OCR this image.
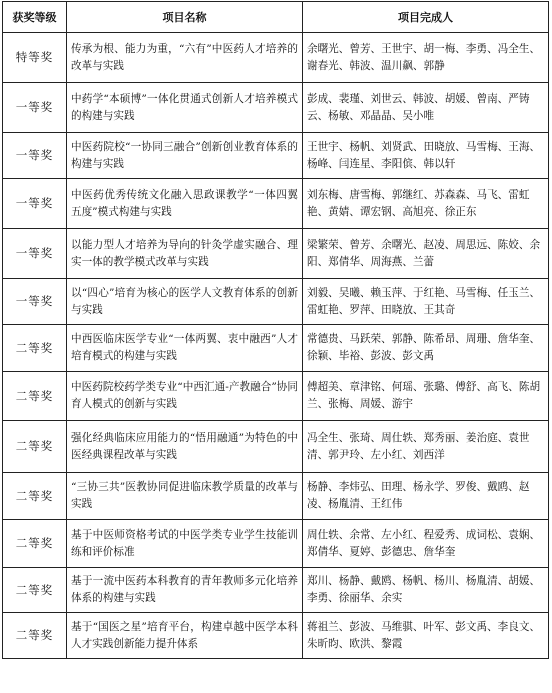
获奖等级	项目名称	项目完成人
特等奖	传承为根、能力为重，“六有”中医药人才培养的改革与实践	余曙光、曾芳、王世宇、胡一梅、李勇、冯全生、谢春光、韩波、温川飙、郭静
一等奖	中药学“本硕博”一体化贯通式创新人才培养模式的构建与实践	彭成、裴瑾、刘世云、韩波、胡媛、曾南、严铸云、杨敏、邓晶晶、吴小唯
一等奖	中医药院校“一协同三融合”创新创业教育体系的构建与实践	王世宇、杨帆、刘贤武、田晓放、马雪梅、王海、杨峰、闫连星、李阳傧、韩以轩
一等奖	中医药优秀传统文化融入思政课教学“一体四翼五度”模式构建与实践	刘东梅、唐雪梅、郭继红、苏森森、马飞、雷虹艳、黄婧、谭宏钢、高旭亮、徐正东
一等奖	以能力型人才培养为导向的针灸学虚实融合、理实一体的教学模式改革与实践	梁繁荣、曾芳、余曙光、赵凌、周思远、陈姣、余阳、郑倩华、周海燕、兰蕾
一等奖	以“四心”培育为核心的医学人文教育体系的创新与实践	刘毅、吴曦、赖玉萍、于红艳、马雪梅、任玉兰、雷虹艳、罗萍、田晓放、王其奇
二等奖	中西医临床医学专业“一体两翼、衷中融西”人才培育模式的构建与实践	常德贵、马跃荣、郭静、陈希昂、周珊、詹华奎、徐颖、毕裕、彭波、彭文禹
二等奖	中医药院校药学类专业“中西汇通-产教融合”协同育人模式的创新与实践	傅超美、章津铭、何瑶、张璐、傅舒、高飞、陈胡兰、张梅、周媛、游宇
二等奖	强化经典临床应用能力的“悟用融通”为特色的中医经典课程改革与实践	冯全生、张琦、周仕轶、郑秀丽、姜治庭、袁世清、郭尹玲、左小红、刘西洋
二等奖	“三协三共”医教协同促进临床教学质量的改革与实践	杨静、李炜弘、田理、杨永学、罗俊、戴鸥、赵凌、杨胤清、王红伟
二等奖	基于中医师资格考试的中医学类专业学生技能训练和评价标准	周仕轶、余常、左小红、程爱秀、成词松、袁娴、郑倩华、夏婷、彭德忠、詹华奎
二等奖	基于一流中医药本科教育的青年教师多元化培养体系的构建与实践	郑川、杨静、戴鸥、杨帆、杨川、杨胤清、胡媛、李勇、徐丽华、余实
二等奖	基于“国医之星”培育平台，构建卓越中医学本科人才实践创新能力提升体系	蒋祖兰、彭波、马维骐、叶军、彭文禹、李良文、朱昕昀、欧洪、黎霞
